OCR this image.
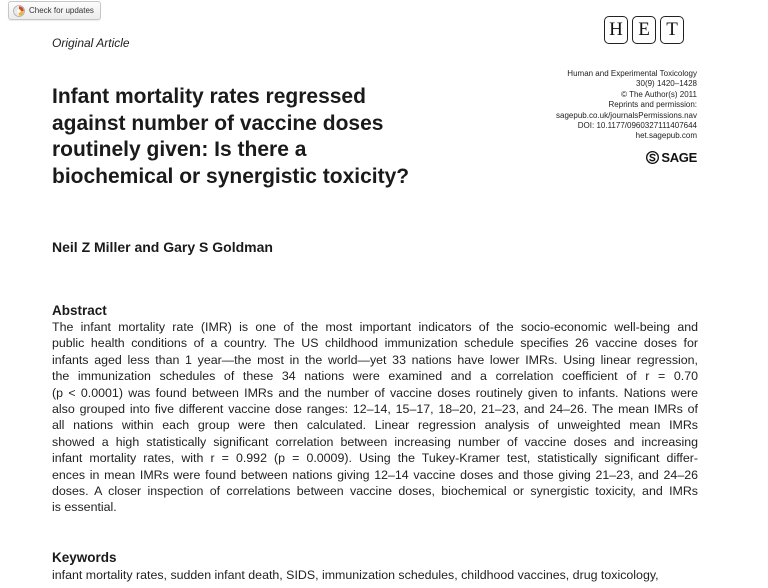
Check for updates

Original Article

H E T
Human and Experimental Toxicology
30(9) 1420–1428
© The Author(s) 2011
Reprints and permission:
sagepub.co.uk/journalsPermissions.nav
DOI: 10.1177/0960327111407644
het.sagepub.com
SAGE
Infant mortality rates regressed
against number of vaccine doses
routinely given: Is there a
biochemical or synergistic toxicity?

Neil Z Miller and Gary S Goldman

Abstract
The infant mortality rate (IMR) is one of the most important indicators of the socio-economic well-being and
public health conditions of a country. The US childhood immunization schedule specifies 26 vaccine doses for
infants aged less than 1 year—the most in the world—yet 33 nations have lower IMRs. Using linear regression,
the immunization schedules of these 34 nations were examined and a correlation coefficient of r = 0.70
(p < 0.0001) was found between IMRs and the number of vaccine doses routinely given to infants. Nations were
also grouped into five different vaccine dose ranges: 12–14, 15–17, 18–20, 21–23, and 24–26. The mean IMRs of
all nations within each group were then calculated. Linear regression analysis of unweighted mean IMRs
showed a high statistically significant correlation between increasing number of vaccine doses and increasing
infant mortality rates, with r = 0.992 (p = 0.0009). Using the Tukey-Kramer test, statistically significant differ-
ences in mean IMRs were found between nations giving 12–14 vaccine doses and those giving 21–23, and 24–26
doses. A closer inspection of correlations between vaccine doses, biochemical or synergistic toxicity, and IMRs
is essential.
Keywords
infant mortality rates, sudden infant death, SIDS, immunization schedules, childhood vaccines, drug toxicology,
